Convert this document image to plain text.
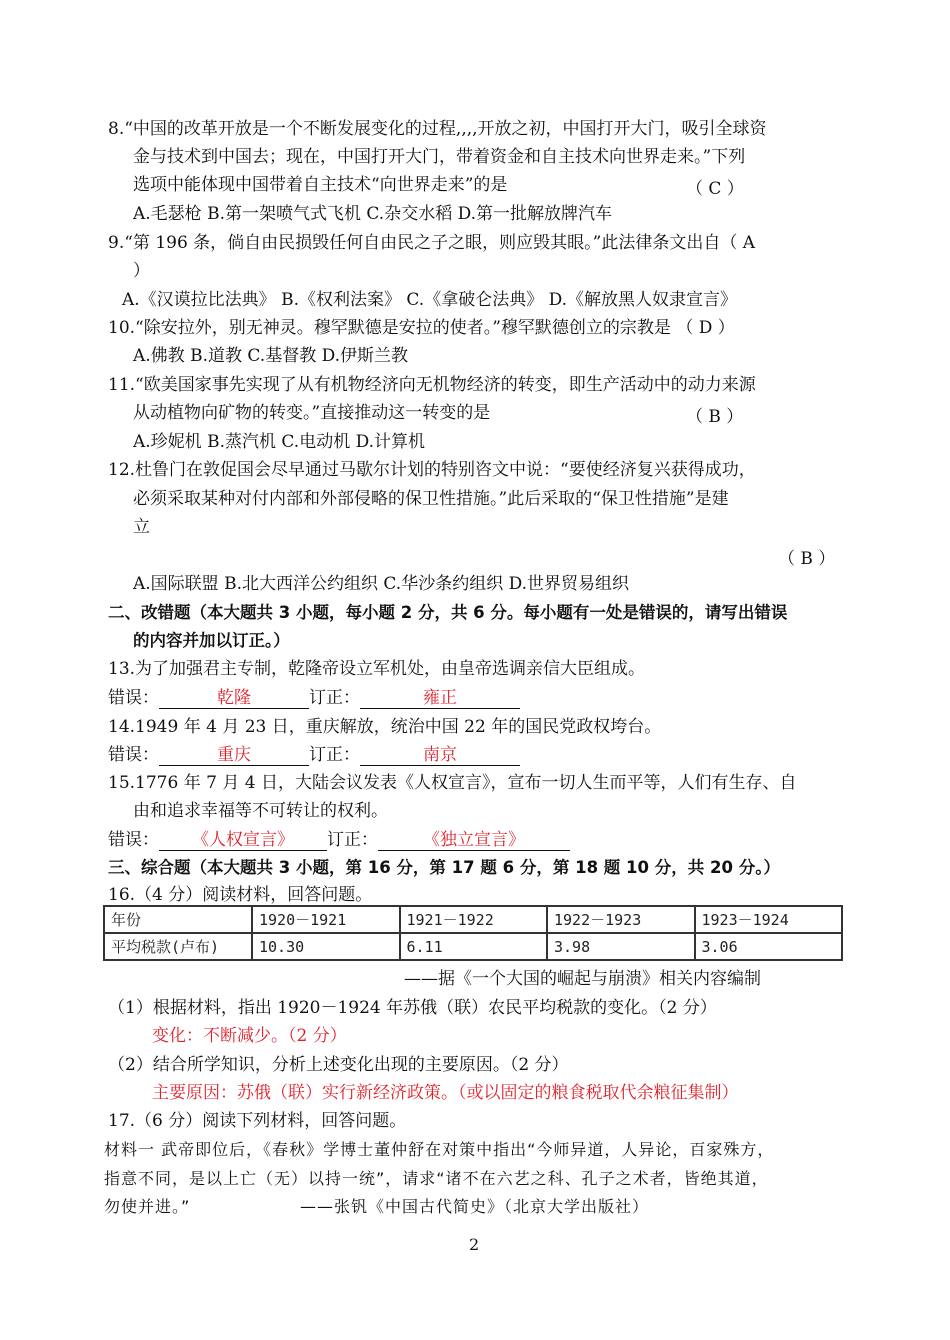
8.“中国的改革开放是一个不断发展变化的过程,,,,开放之初，中国打开大门，吸引全球资
金与技术到中国去；现在，中国打开大门，带着资金和自主技术向世界走来。”下列
选项中能体现中国带着自主技术“向世界走来”的是	（ C ）
A.毛瑟枪 B.第一架喷气式飞机 C.杂交水稻 D.第一批解放牌汽车
9.“第 196 条，倘自由民损毁任何自由民之子之眼，则应毁其眼。”此法律条文出自（ A
）
A.《汉谟拉比法典》 B.《权利法案》 C.《拿破仑法典》 D.《解放黑人奴隶宣言》
10.“除安拉外，别无神灵。穆罕默德是安拉的使者。”穆罕默德创立的宗教是 （ D ）
A.佛教 B.道教 C.基督教 D.伊斯兰教
11.“欧美国家事先实现了从有机物经济向无机物经济的转变，即生产活动中的动力来源
从动植物向矿物的转变。”直接推动这一转变的是	（ B ）
A.珍妮机 B.蒸汽机 C.电动机 D.计算机
12.杜鲁门在敦促国会尽早通过马歇尔计划的特别咨文中说：“要使经济复兴获得成功，
必须采取某种对付内部和外部侵略的保卫性措施。”此后采取的“保卫性措施”是建
立
（ B ）
A.国际联盟 B.北大西洋公约组织 C.华沙条约组织 D.世界贸易组织
二、改错题（本大题共 3 小题，每小题 2 分，共 6 分。每小题有一处是错误的，请写出错误
的内容并加以订正。）
13.为了加强君主专制，乾隆帝设立军机处，由皇帝选调亲信大臣组成。
错误：	乾隆	订正：	雍正
14.1949 年 4 月 23 日，重庆解放，统治中国 22 年的国民党政权垮台。
错误：	重庆	订正：	南京
15.1776 年 7 月 4 日，大陆会议发表《人权宣言》，宣布一切人生而平等，人们有生存、自
由和追求幸福等不可转让的权利。
错误： 《人权宣言》 订正：	《独立宣言》
三、综合题（本大题共 3 小题，第 16 分，第 17 题 6 分，第 18 题 10 分，共 20 分。）
16.（4 分）阅读材料，回答问题。
年份	1920－1921	1921－1922	1922－1923	1923－1924
平均税款(卢布)	10.30	6.11	3.98	3.06
——据《一个大国的崛起与崩溃》相关内容编制
（1）根据材料，指出 1920－1924 年苏俄（联）农民平均税款的变化。（2 分）
变化：不断减少。（2 分）
（2）结合所学知识，分析上述变化出现的主要原因。（2 分）
主要原因：苏俄（联）实行新经济政策。（或以固定的粮食税取代余粮征集制）
17.（6 分）阅读下列材料，回答问题。
材料一 武帝即位后，《春秋》学博士董仲舒在对策中指出“今师异道，人异论，百家殊方，
指意不同，是以上亡（无）以持一统”，请求“诸不在六艺之科、孔子之术者，皆绝其道，
勿使并进。”	——张钒《中国古代简史》（北京大学出版社）
2
